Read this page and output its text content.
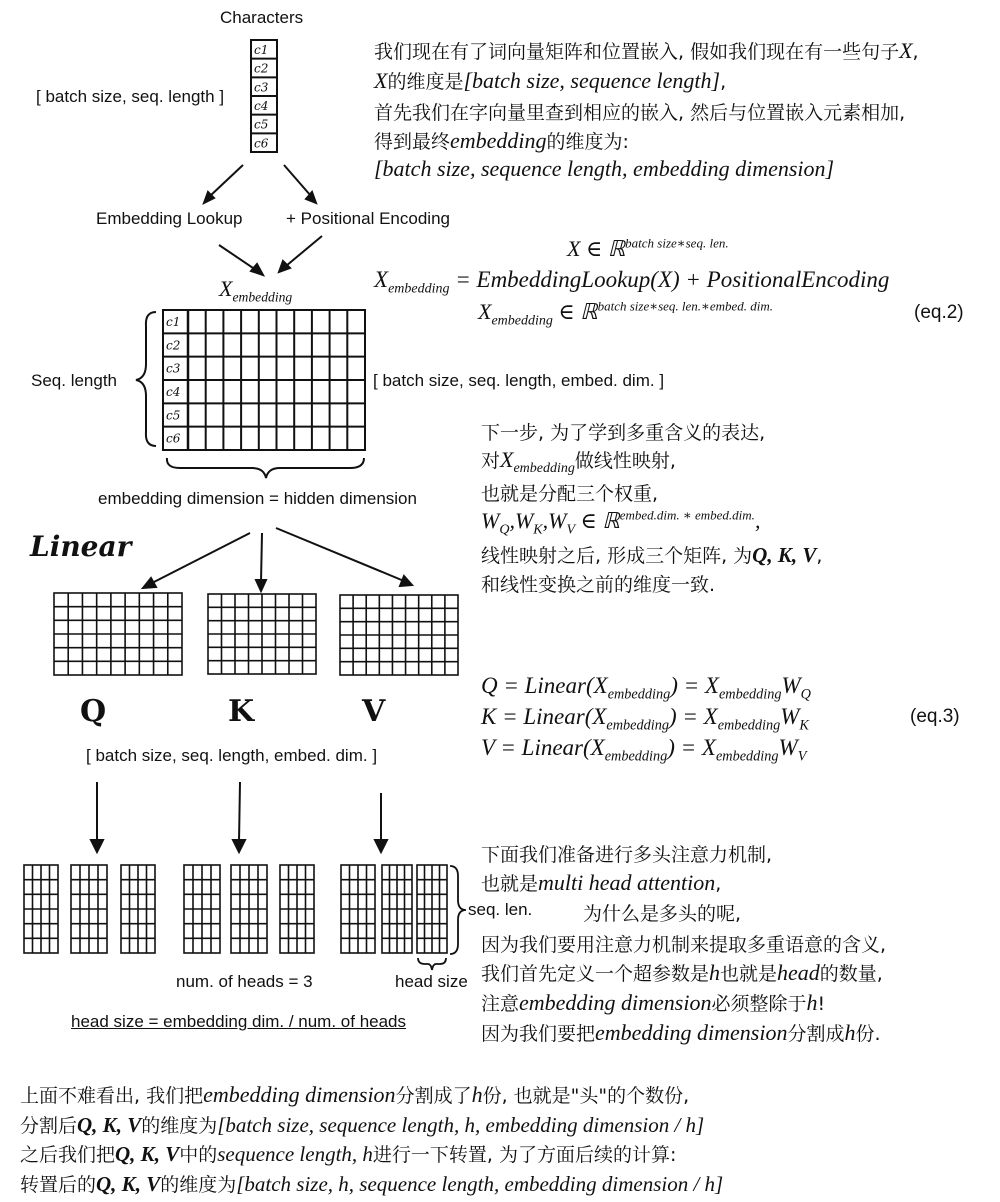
Characters
c1
c2
c3
c4
c5
c6
c1
c2
c3
c4
c5
c6
[ batch size, seq. length ]
Embedding Lookup	+ Positional Encoding
$X_{embedding}$
Seq. length	[ batch size, seq. length, embed. dim. ]
embedding dimension = hidden dimension
Linear
Q	K	V
[ batch size, seq. length, embed. dim. ]
seq. len.
num. of heads = 3	head size
head size = embedding dim. / num. of heads
我们现在有了词向量矩阵和位置嵌入, 假如我们现在有一些句子X,
X的维度是[batch size, sequence length],
首先我们在字向量里查到相应的嵌入, 然后与位置嵌入元素相加,
得到最终embedding的维度为:
[batch size, sequence length, embedding dimension]
X ∈ ℝ$^{batch size∗seq. len.}$
$X_{embedding}$ = EmbeddingLookup(X) + PositionalEncoding
$X_{embedding}$ ∈ ℝ$^{batch size∗seq. len.∗embed. dim.}$	(eq.2)
下一步, 为了学到多重含义的表达,
对$X_{embedding}$做线性映射,
也就是分配三个权重,
$W_Q,W_K,W_V$ ∈ ℝ$^{embed.dim. ∗ embed.dim.}$,
线性映射之后, 形成三个矩阵, 为Q, K, V,
和线性变换之前的维度一致.
$Q = Linear(X_{embedding}) = X_{embedding}W_Q$
$K = Linear(X_{embedding}) = X_{embedding}W_K$
$V = Linear(X_{embedding}) = X_{embedding}W_V$
(eq.3)
下面我们准备进行多头注意力机制,
也就是multi head attention,
为什么是多头的呢,
因为我们要用注意力机制来提取多重语意的含义,
我们首先定义一个超参数是h也就是head的数量,
注意embedding dimension必须整除于h!
因为我们要把embedding dimension分割成h份.
上面不难看出, 我们把embedding dimension分割成了h份, 也就是"头"的个数份,
分割后Q, K, V的维度为[batch size, sequence length, h, embedding dimension / h]
之后我们把Q, K, V中的sequence length, h进行一下转置, 为了方面后续的计算:
转置后的Q, K, V的维度为[batch size, h, sequence length, embedding dimension / h]
